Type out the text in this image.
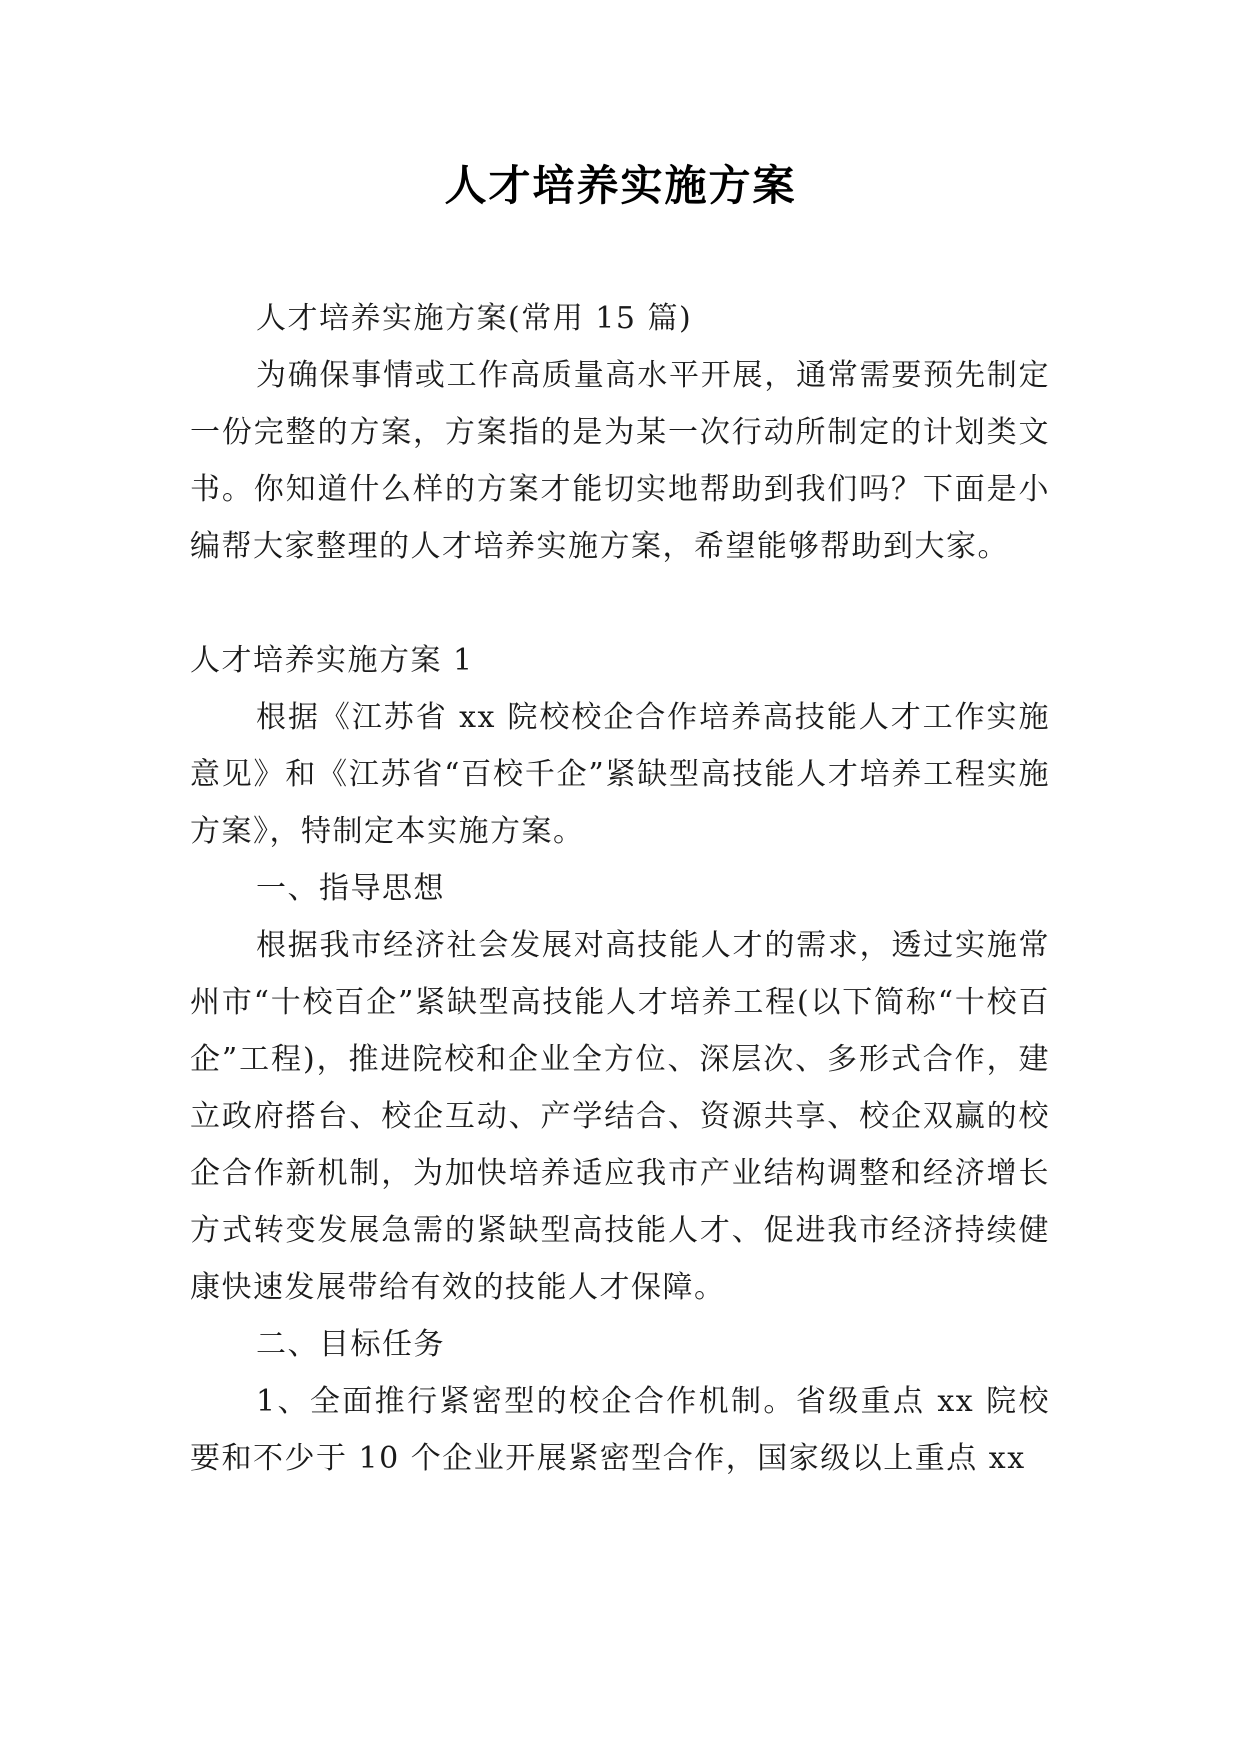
人才培养实施方案

人才培养实施方案(常用 15 篇)

为确保事情或工作高质量高水平开展，通常需要预先制定一份完整的方案，方案指的是为某一次行动所制定的计划类文书。你知道什么样的方案才能切实地帮助到我们吗？下面是小编帮大家整理的人才培养实施方案，希望能够帮助到大家。

人才培养实施方案 1

根据《江苏省 xx 院校校企合作培养高技能人才工作实施意见》和《江苏省“百校千企”紧缺型高技能人才培养工程实施方案》，特制定本实施方案。

一、指导思想

根据我市经济社会发展对高技能人才的需求，透过实施常州市“十校百企”紧缺型高技能人才培养工程(以下简称“十校百企”工程)，推进院校和企业全方位、深层次、多形式合作，建立政府搭台、校企互动、产学结合、资源共享、校企双赢的校企合作新机制，为加快培养适应我市产业结构调整和经济增长方式转变发展急需的紧缺型高技能人才、促进我市经济持续健康快速发展带给有效的技能人才保障。

二、目标任务

1、全面推行紧密型的校企合作机制。省级重点 xx 院校要和不少于 10 个企业开展紧密型合作，国家级以上重点 xx
